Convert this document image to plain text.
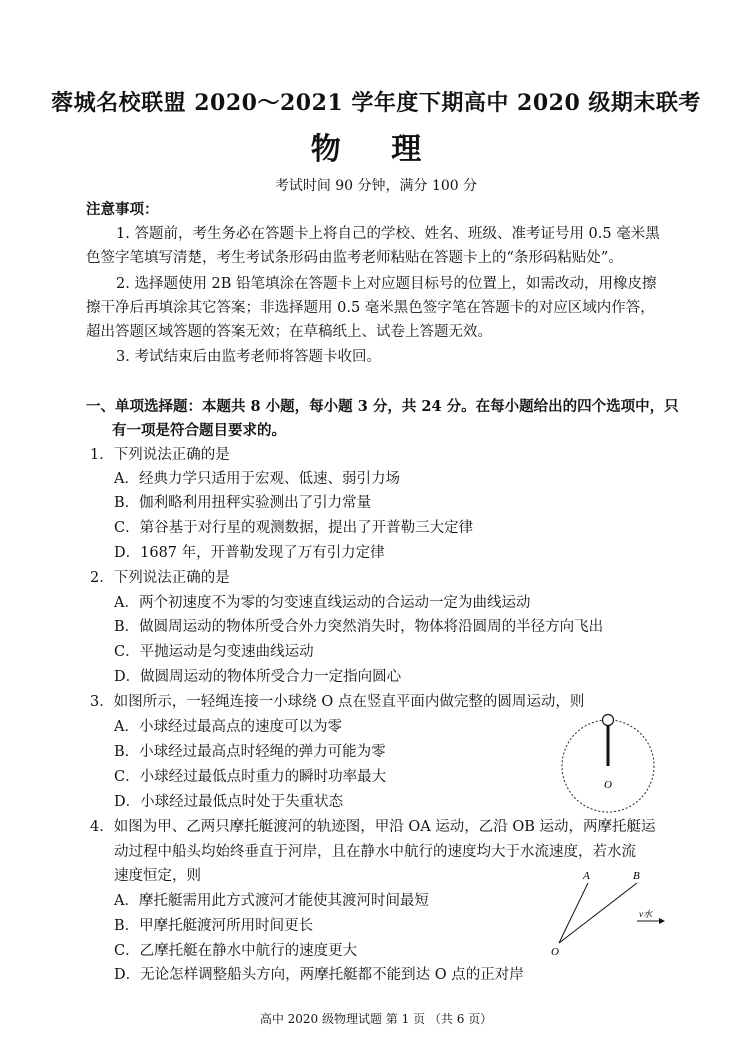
蓉城名校联盟 2020～2021 学年度下期高中 2020 级期末联考
物 理
考试时间 90 分钟，满分 100 分
注意事项：
1. 答题前，考生务必在答题卡上将自己的学校、姓名、班级、准考证号用 0.5 毫米黑
色签字笔填写清楚，考生考试条形码由监考老师粘贴在答题卡上的“条形码粘贴处”。
2. 选择题使用 2B 铅笔填涂在答题卡上对应题目标号的位置上，如需改动，用橡皮擦
擦干净后再填涂其它答案；非选择题用 0.5 毫米黑色签字笔在答题卡的对应区域内作答，
超出答题区域答题的答案无效；在草稿纸上、试卷上答题无效。
3. 考试结束后由监考老师将答题卡收回。
一、单项选择题：本题共 8 小题，每小题 3 分，共 24 分。在每小题给出的四个选项中，只
有一项是符合题目要求的。
1．下列说法正确的是
A．经典力学只适用于宏观、低速、弱引力场
B．伽利略利用扭秤实验测出了引力常量
C．第谷基于对行星的观测数据，提出了开普勒三大定律
D．1687 年，开普勒发现了万有引力定律
2．下列说法正确的是
A．两个初速度不为零的匀变速直线运动的合运动一定为曲线运动
B．做圆周运动的物体所受合外力突然消失时，物体将沿圆周的半径方向飞出
C．平抛运动是匀变速曲线运动
D．做圆周运动的物体所受合力一定指向圆心
3．如图所示，一轻绳连接一小球绕 O 点在竖直平面内做完整的圆周运动，则
A．小球经过最高点的速度可以为零
B．小球经过最高点时轻绳的弹力可能为零
C．小球经过最低点时重力的瞬时功率最大
D．小球经过最低点时处于失重状态
O
4．如图为甲、乙两只摩托艇渡河的轨迹图，甲沿 OA 运动，乙沿 OB 运动，两摩托艇运
动过程中船头均始终垂直于河岸，且在静水中航行的速度均大于水流速度，若水流
速度恒定，则
A．摩托艇需用此方式渡河才能使其渡河时间最短
B．甲摩托艇渡河所用时间更长
C．乙摩托艇在静水中航行的速度更大
D．无论怎样调整船头方向，两摩托艇都不能到达 O 点的正对岸
A	B
O
v水
高中 2020 级物理试题 第 1 页 （共 6 页）
